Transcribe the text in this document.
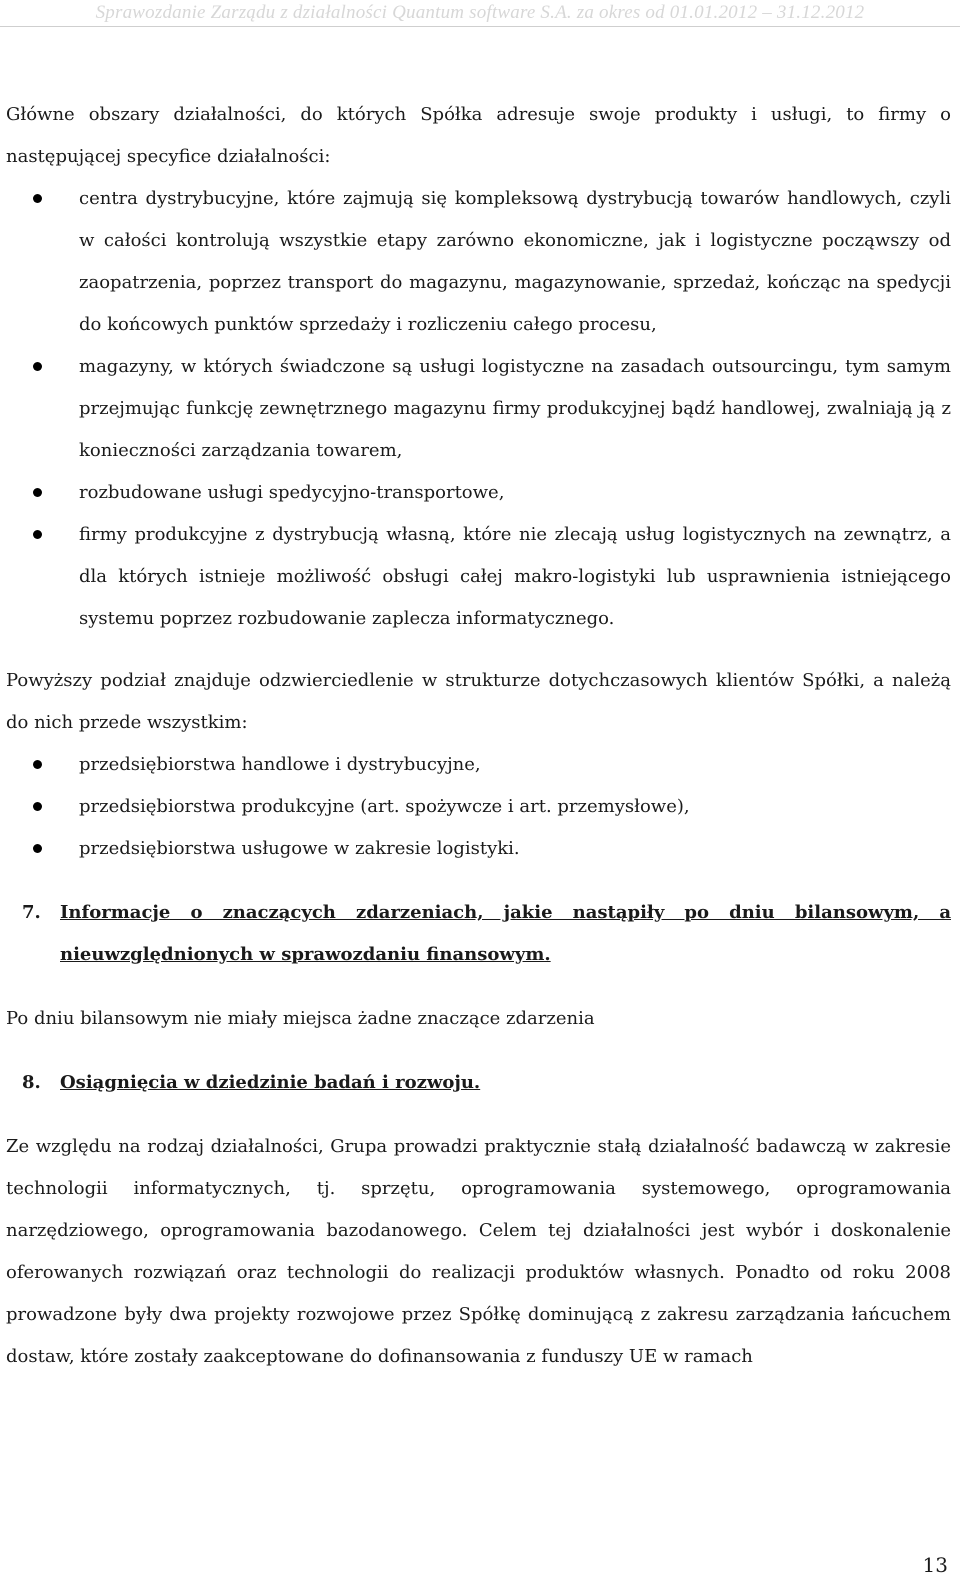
Sprawozdanie Zarządu z działalności Quantum software S.A. za okres od 01.01.2012 – 31.12.2012

Główne obszary działalności, do których Spółka adresuje swoje produkty i usługi, to firmy o następującej specyfice działalności:

centra dystrybucyjne, które zajmują się kompleksową dystrybucją towarów handlowych, czyli w całości kontrolują wszystkie etapy zarówno ekonomiczne, jak i logistyczne począwszy od zaopatrzenia, poprzez transport do magazynu, magazynowanie, sprzedaż, kończąc na spedycji do końcowych punktów sprzedaży i rozliczeniu całego procesu,
magazyny, w których świadczone są usługi logistyczne na zasadach outsourcingu, tym samym przejmując funkcję zewnętrznego magazynu firmy produkcyjnej bądź handlowej, zwalniają ją z konieczności zarządzania towarem,
rozbudowane usługi spedycyjno-transportowe,
firmy produkcyjne z dystrybucją własną, które nie zlecają usług logistycznych na zewnątrz, a dla których istnieje możliwość obsługi całej makro-logistyki lub usprawnienia istniejącego systemu poprzez rozbudowanie zaplecza informatycznego.

Powyższy podział znajduje odzwierciedlenie w strukturze dotychczasowych klientów Spółki, a należą do nich przede wszystkim:

przedsiębiorstwa handlowe i dystrybucyjne,
przedsiębiorstwa produkcyjne (art. spożywcze i art. przemysłowe),
przedsiębiorstwa usługowe w zakresie logistyki.
7. Informacje o znaczących zdarzeniach, jakie nastąpiły po dniu bilansowym, a nieuwzględnionych w sprawozdaniu finansowym.

Po dniu bilansowym nie miały miejsca żadne znaczące zdarzenia

8. Osiągnięcia w dziedzinie badań i rozwoju.

Ze względu na rodzaj działalności, Grupa prowadzi praktycznie stałą działalność badawczą w zakresie technologii informatycznych, tj. sprzętu, oprogramowania systemowego, oprogramowania narzędziowego, oprogramowania bazodanowego. Celem tej działalności jest wybór i doskonalenie oferowanych rozwiązań oraz technologii do realizacji produktów własnych. Ponadto od roku 2008 prowadzone były dwa projekty rozwojowe przez Spółkę dominującą z zakresu zarządzania łańcuchem dostaw, które zostały zaakceptowane do dofinansowania z funduszy UE w ramach

13
